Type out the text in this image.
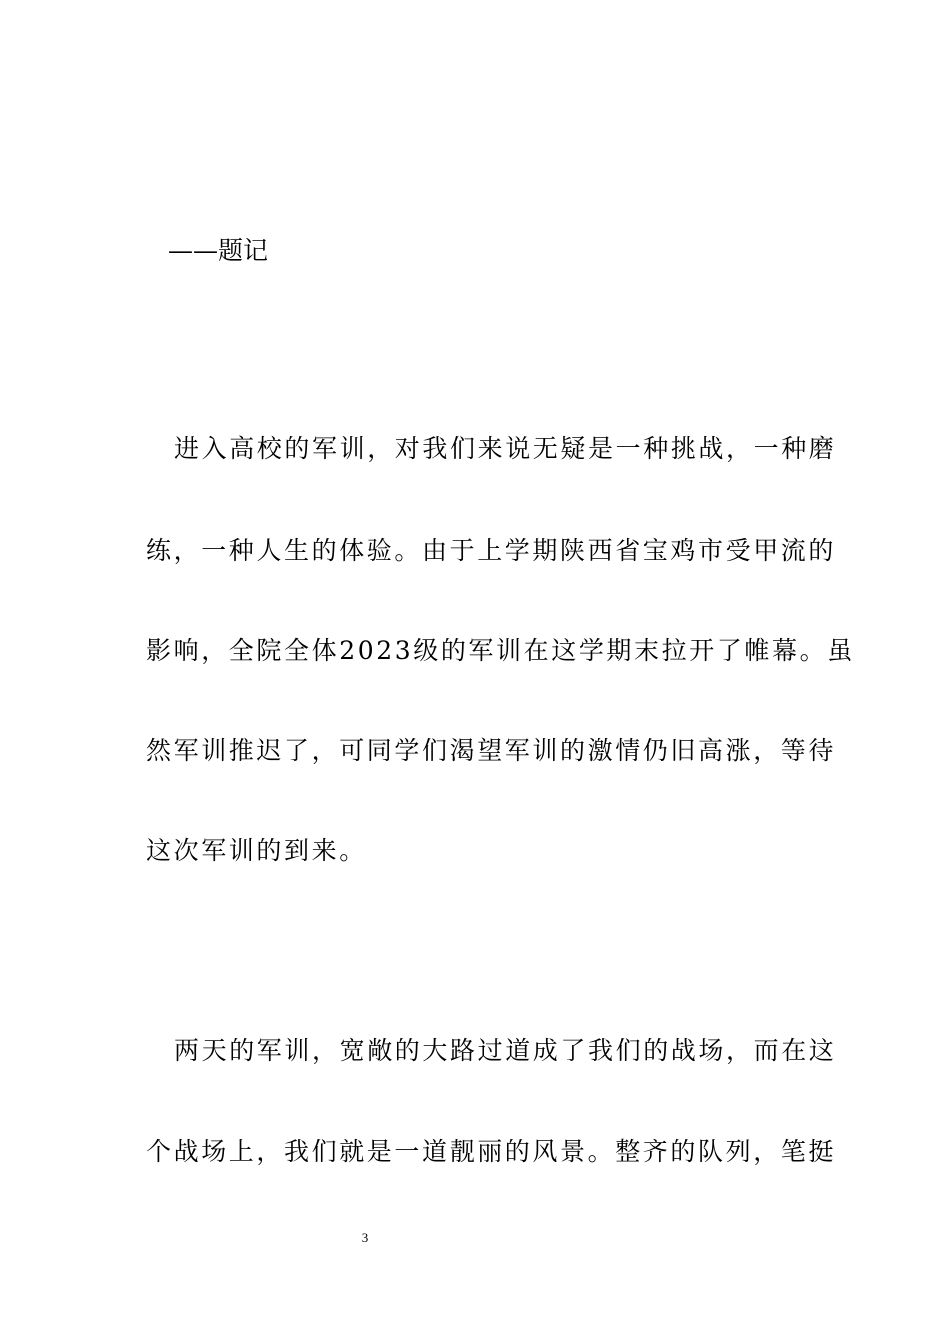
——题记
进入高校的军训，对我们来说无疑是一种挑战，一种磨
练，一种人生的体验。由于上学期陕西省宝鸡市受甲流的
影响，全院全体2023级的军训在这学期末拉开了帷幕。虽
然军训推迟了，可同学们渴望军训的激情仍旧高涨，等待
这次军训的到来。
两天的军训，宽敞的大路过道成了我们的战场，而在这
个战场上，我们就是一道靓丽的风景。整齐的队列，笔挺
3
